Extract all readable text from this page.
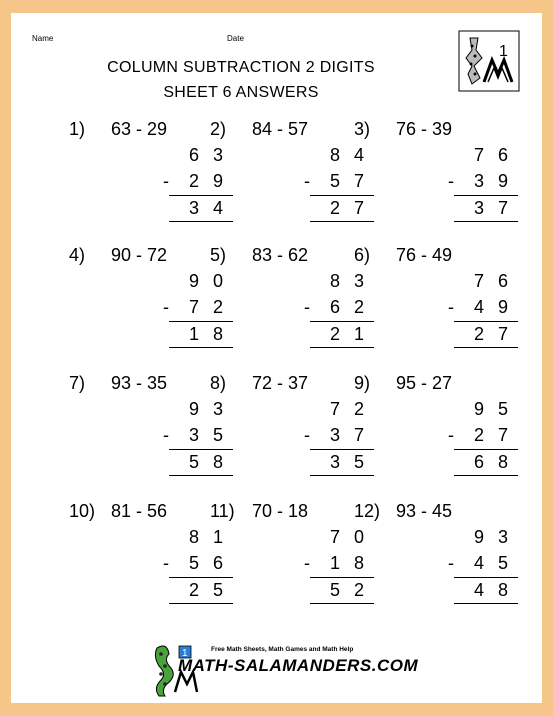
Name	Date
1
COLUMN SUBTRACTION 2 DIGITS
SHEET 6 ANSWERS
1) 63 - 29
6 3
2 9
3 4
-
2) 84 - 57
8 4
5 7
2 7
-
3) 76 - 39
7 6
3 9
3 7
-
4) 90 - 72
9 0
7 2
1 8
-
5) 83 - 62
8 3
6 2
2 1
-
6) 76 - 49
7 6
4 9
2 7
-
7) 93 - 35
9 3
3 5
5 8
-
8) 72 - 37
7 2
3 7
3 5
-
9) 95 - 27
9 5
2 7
6 8
-
10) 81 - 56
8 1
5 6
2 5
-
11) 70 - 18
7 0
1 8
5 2
-
12) 93 - 45
9 3
4 5
4 8
-
1	Free Math Sheets, Math Games and Math Help
MATH-SALAMANDERS.COM
